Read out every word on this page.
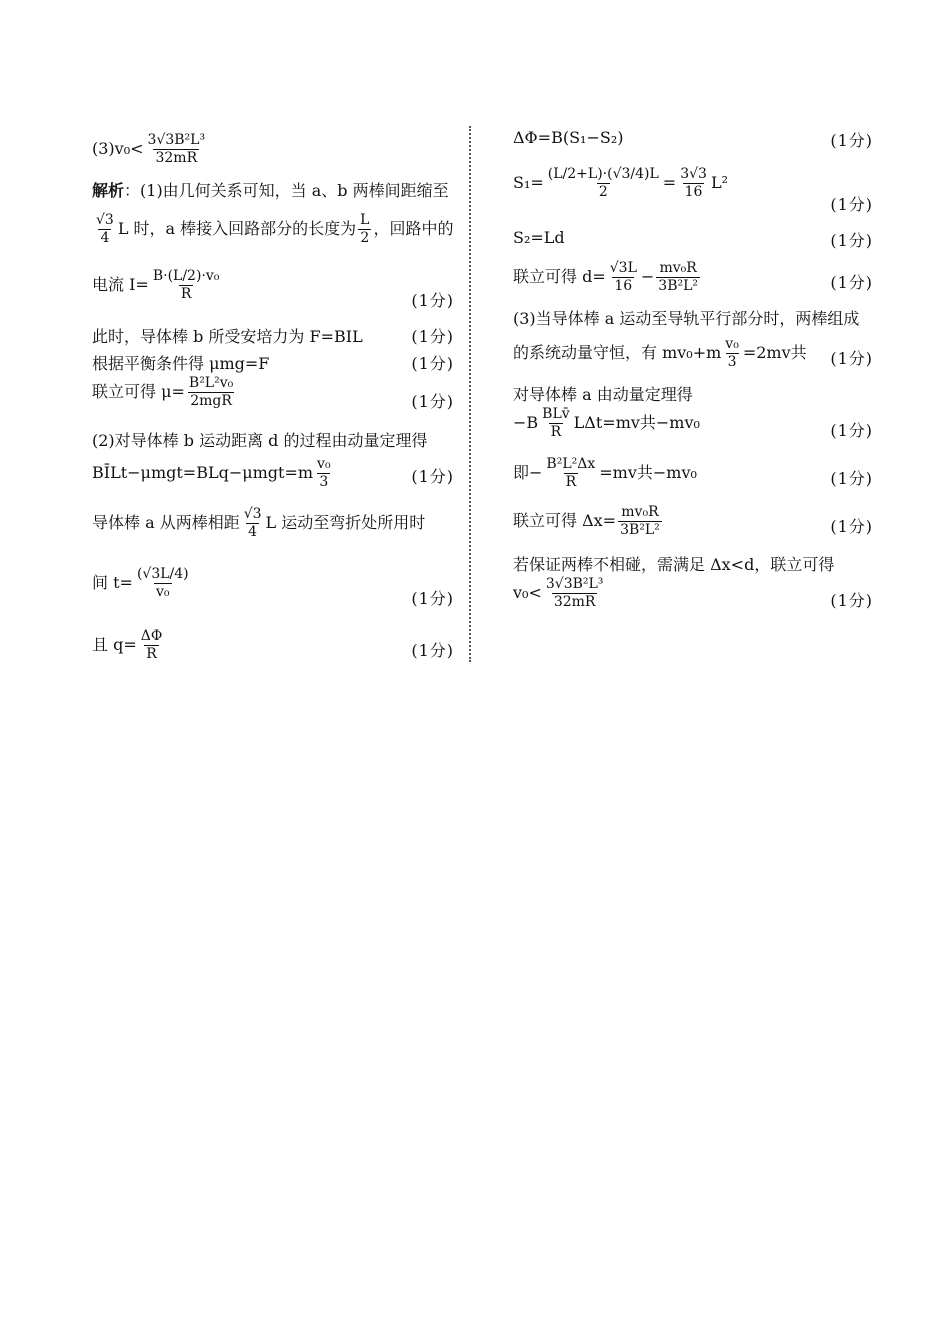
$(3)v_0< \frac{\text{3√3B²L³}}{32mR}$
解析：(1)由几何关系可知，当 a、b 两棒间距缩至
$\frac{√3}{4}$ L 时，a 棒接入回路部分的长度为 $\frac{L}{2}$ ，回路中的
电流 $I= \frac{\text{B·(L/2)·v₀}}{R}$	(1分)
此时，导体棒 b 所受安培力为 F=BIL	(1分)
根据平衡条件得 μmg=F	(1分)
联立可得 μ= B²L²v₀
2mgR	(1分)
(2)对导体棒 b 运动距离 d 的过程由动量定理得
BĪLt−μmgt=BLq−μmgt=m $\frac{\text{v₀}}{3}$	(1分)
导体棒 a 从两棒相距 $\frac{√3}{4}$ L 运动至弯折处所用时
间 $t= \frac{(√3L/4)}{\text{v₀}}$	(1分)
且 $q= \frac{\Delta\Phi}{R}$	(1分)
ΔΦ=B(S₁−S₂)	(1分)
$S_1= \frac{(L/2+L)\cdot(√3/4)L}{2} = \frac{3√3}{16} L^2$
(1分)
S₂=Ld	(1分)
联立可得 $d= \frac{√3L}{16} - \frac{\text{mv₀R}}{\text{3B²L²}}$	(1分)
(3)当导体棒 a 运动至导轨平行部分时，两棒组成
的系统动量守恒，有 $mv_0+m \frac{\text{v₀}}{3} =2mv$共 (1分)
对导体棒 a 由动量定理得
−B BLv̄
R LΔt=mv共−mv₀	(1分)
即− $\frac{\text{B²L²Δx}}{R} =mv$共−mv₀	(1分)
联立可得 $\Delta x= \frac{\text{mv₀R}}{\text{3B²L²}}$	(1分)
若保证两棒不相碰，需满足 Δx<d，联立可得
$v_0< \frac{\text{3√3B²L³}}{32mR}$	(1分)
